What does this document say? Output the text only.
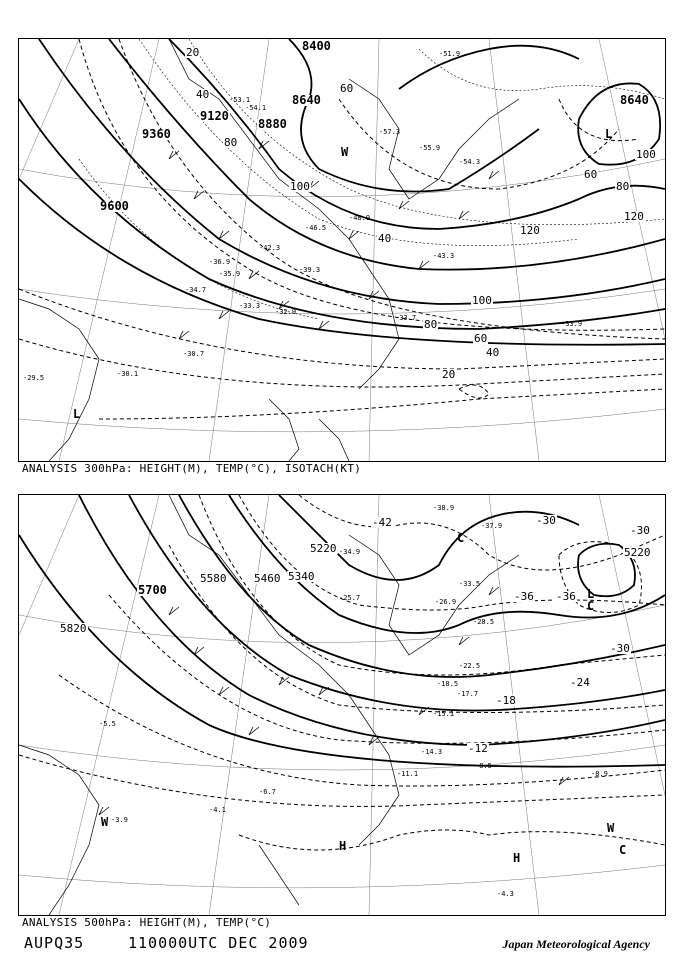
8400
8640
8880
9120
9360
9600
8640
20
40	60
80
100
120
80
60
40
20
100
40
60
80
100
120
-51.9
-53.1
-54.1
-57.3
-55.9
-54.3
-48.9
-46.5
-43.3
-42.3
-39.3
-36.9
-35.9
-34.7
-33.3
-32.9
-30.7
-30.1
-29.5
-33.7
-33.9
L
L
W
ANALYSIS 300hPa: HEIGHT(M), TEMP(°C), ISOTACH(KT)
5220
5340
5460
5580
5700
5820
5220
-42
-36
-30
-24
-18
-12
-36
-30
-30
-38.9
-37.9
-34.9
-33.5
-28.5
-26.9
-25.7
-22.5
-18.5
-17.7
-15.1
-14.3
-11.1
-8.5
-8.9
-6.7
-4.3
-4.1
-3.9
-5.5
L
C
C
H
H
W
C
W
ANALYSIS 500hPa: HEIGHT(M), TEMP(°C)
AUPQ35	110000UTC DEC 2009	Japan Meteorological Agency
